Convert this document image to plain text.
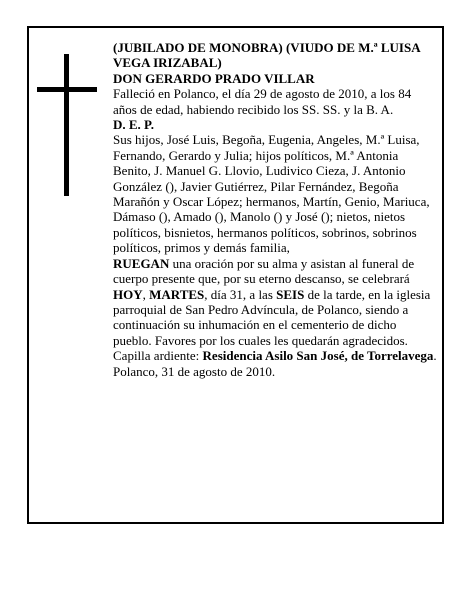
(JUBILADO DE MONOBRA) (VIUDO DE M.ª LUISA VEGA IRIZABAL)

DON GERARDO PRADO VILLAR

Falleció en Polanco, el día 29 de agosto de 2010, a los 84 años de edad, habiendo recibido los SS. SS. y la B. A.

D. E. P.

Sus hijos, José Luis, Begoña, Eugenia, Angeles, M.ª Luisa, Fernando, Gerardo y Julia; hijos políticos, M.ª Antonia Benito, J. Manuel G. Llovio, Ludivico Cieza, J. Antonio González (), Javier Gutiérrez, Pilar Fernández, Begoña Marañón y Oscar López; hermanos, Martín, Genio, Mariuca, Dámaso (), Amado (), Manolo () y José (); nietos, nietos políticos, bisnietos, hermanos políticos, sobrinos, sobrinos políticos, primos y demás familia,

RUEGAN una oración por su alma y asistan al funeral de cuerpo presente que, por su eterno descanso, se celebrará HOY, MARTES, día 31, a las SEIS de la tarde, en la iglesia parroquial de San Pedro Advíncula, de Polanco, siendo a continuación su inhumación en el cementerio de dicho pueblo. Favores por los cuales les quedarán agradecidos.

Capilla ardiente: Residencia Asilo San José, de Torrelavega.

Polanco, 31 de agosto de 2010.
